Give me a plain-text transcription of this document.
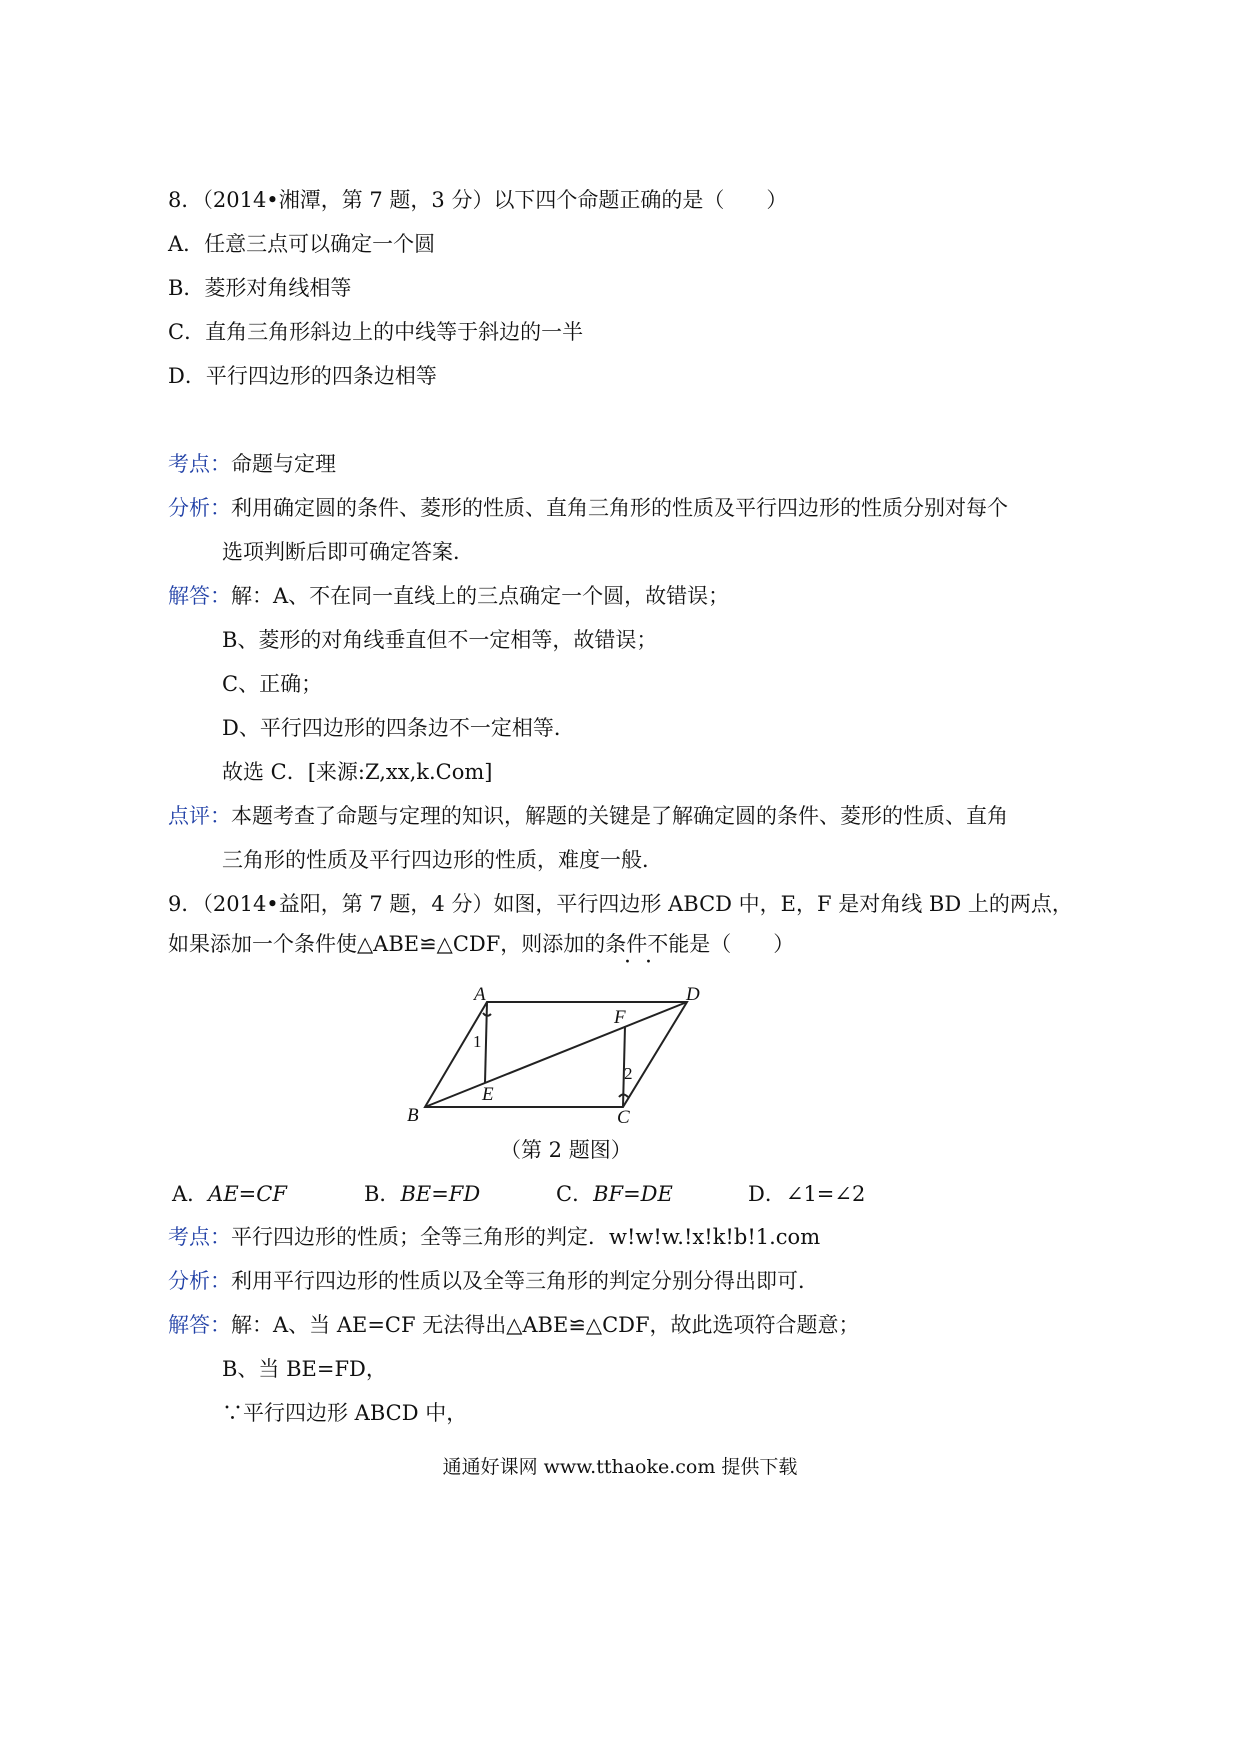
8．（2014•湘潭，第 7 题，3 分）以下四个命题正确的是（　　）
A．任意三点可以确定一个圆
B．菱形对角线相等
C．直角三角形斜边上的中线等于斜边的一半
D．平行四边形的四条边相等
考点：命题与定理
分析：利用确定圆的条件、菱形的性质、直角三角形的性质及平行四边形的性质分别对每个
选项判断后即可确定答案．
解答：解：A、不在同一直线上的三点确定一个圆，故错误；
B、菱形的对角线垂直但不一定相等，故错误；
C、正确；
D、平行四边形的四条边不一定相等．
故选 C．[来源:Z,xx,k.Com]
点评：本题考查了命题与定理的知识，解题的关键是了解确定圆的条件、菱形的性质、直角
三角形的性质及平行四边形的性质，难度一般．
9．（2014•益阳，第 7 题，4 分）如图，平行四边形 ABCD 中，E，F 是对角线 BD 上的两点，
如果添加一个条件使△ABE≌△CDF，则添加的条件不能是（　　）
··
A	D
B	C
E
F
1
2
（第 2 题图）
A．AE=CF	B．BE=FD	C．BF=DE	D．∠1=∠2
考点：平行四边形的性质；全等三角形的判定．w!w!w.!x!k!b!1.com
分析：利用平行四边形的性质以及全等三角形的判定分别分得出即可．
解答：解：A、当 AE=CF 无法得出△ABE≌△CDF，故此选项符合题意；
B、当 BE=FD，
∵平行四边形 ABCD 中，
通通好课网 www.tthaoke.com 提供下载
